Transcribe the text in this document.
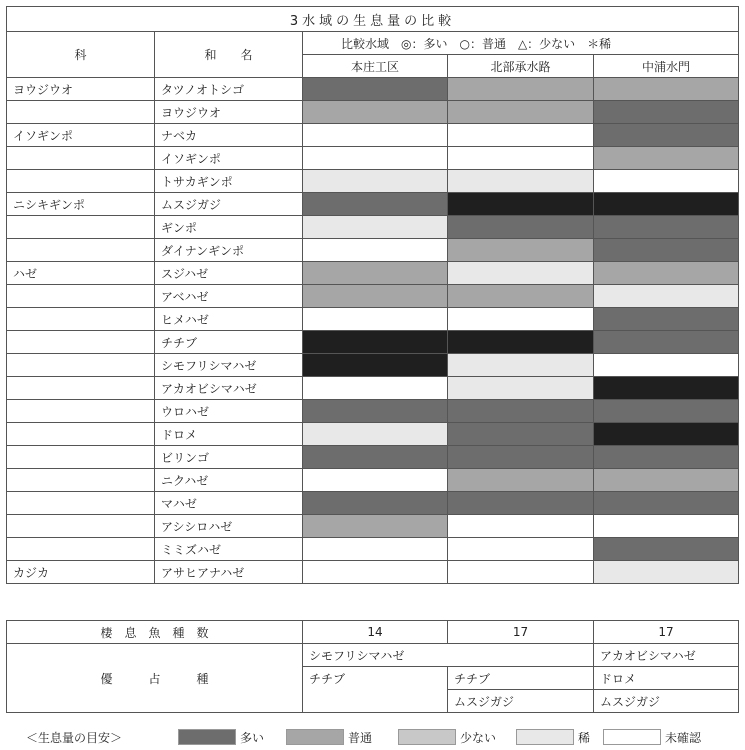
3水域の生息量の比較				
科	和　　名	比較水域　◎：多い　○：普通　△：少ない　＊稀		
		本庄工区	北部承水路	中浦水門
ヨウジウオ	タツノオトシゴ			
	ヨウジウオ			
イソギンポ	ナベカ			
	イソギンポ			
	トサカギンポ			
ニシキギンポ	ムスジガジ			
	ギンポ			
	ダイナンギンポ			
ハゼ	スジハゼ			
	アベハゼ			
	ヒメハゼ			
	チチブ			
	シモフリシマハゼ			
	アカオビシマハゼ			
	ウロハゼ			
	ドロメ			
	ビリンゴ			
	ニクハゼ			
	マハゼ			
	アシシロハゼ			
	ミミズハゼ			
カジカ	アサヒアナハゼ			
棲　息　魚　種　数	14	17	17
優　　　占　　　種	シモフリシマハゼ		アカオビシマハゼ
	チチブ	チチブ	ドロメ
		ムスジガジ	ムスジガジ
＜生息量の目安＞	多い	普通	少ない	稀	未確認
